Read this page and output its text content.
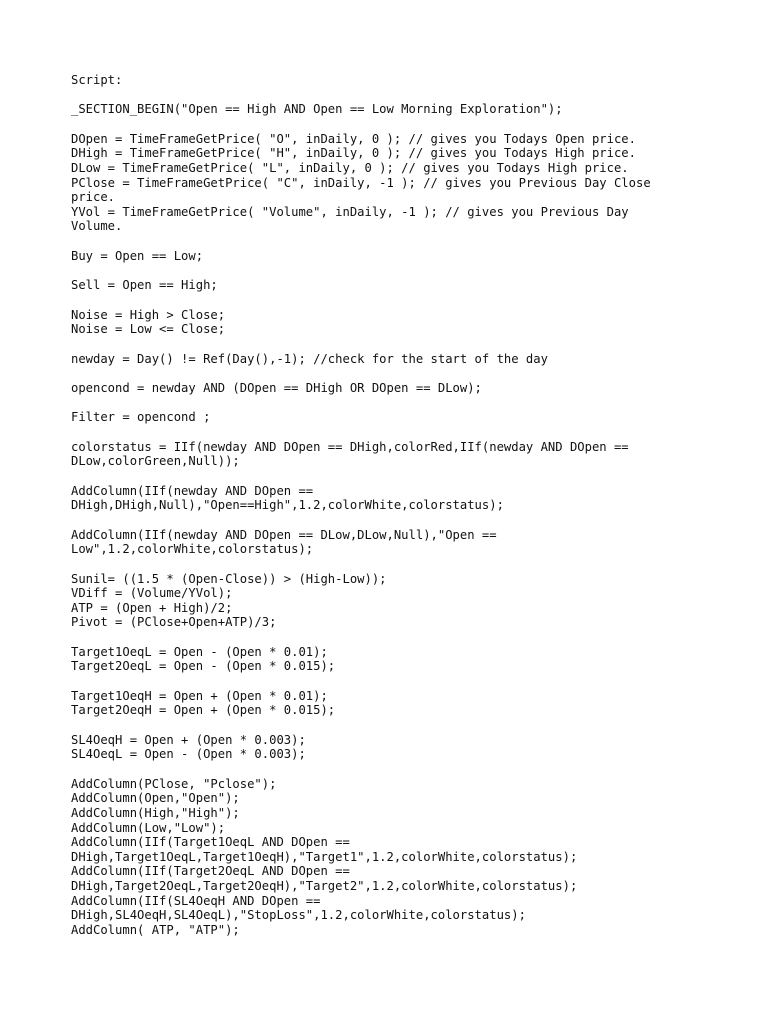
Script:
_SECTION_BEGIN("Open == High AND Open == Low Morning Exploration");
DOpen = TimeFrameGetPrice( "O", inDaily, 0 ); // gives you Todays Open price.
DHigh = TimeFrameGetPrice( "H", inDaily, 0 ); // gives you Todays High price.
DLow = TimeFrameGetPrice( "L", inDaily, 0 ); // gives you Todays High price.
PClose = TimeFrameGetPrice( "C", inDaily, -1 ); // gives you Previous Day Close
price.
YVol = TimeFrameGetPrice( "Volume", inDaily, -1 ); // gives you Previous Day
Volume.
Buy = Open == Low;
Sell = Open == High;
Noise = High > Close;
Noise = Low <= Close;
newday = Day() != Ref(Day(),-1); //check for the start of the day
opencond = newday AND (DOpen == DHigh OR DOpen == DLow);
Filter = opencond ;
colorstatus = IIf(newday AND DOpen == DHigh,colorRed,IIf(newday AND DOpen ==
DLow,colorGreen,Null));
AddColumn(IIf(newday AND DOpen ==
DHigh,DHigh,Null),"Open==High",1.2,colorWhite,colorstatus);
AddColumn(IIf(newday AND DOpen == DLow,DLow,Null),"Open ==
Low",1.2,colorWhite,colorstatus);
Sunil= ((1.5 * (Open-Close)) > (High-Low));
VDiff = (Volume/YVol);
ATP = (Open + High)/2;
Pivot = (PClose+Open+ATP)/3;
Target1OeqL = Open - (Open * 0.01);
Target2OeqL = Open - (Open * 0.015);
Target1OeqH = Open + (Open * 0.01);
Target2OeqH = Open + (Open * 0.015);
SL4OeqH = Open + (Open * 0.003);
SL4OeqL = Open - (Open * 0.003);
AddColumn(PClose, "Pclose");
AddColumn(Open,"Open");
AddColumn(High,"High");
AddColumn(Low,"Low");
AddColumn(IIf(Target1OeqL AND DOpen ==
DHigh,Target1OeqL,Target1OeqH),"Target1",1.2,colorWhite,colorstatus);
AddColumn(IIf(Target2OeqL AND DOpen ==
DHigh,Target2OeqL,Target2OeqH),"Target2",1.2,colorWhite,colorstatus);
AddColumn(IIf(SL4OeqH AND DOpen ==
DHigh,SL4OeqH,SL4OeqL),"StopLoss",1.2,colorWhite,colorstatus);
AddColumn( ATP, "ATP");
